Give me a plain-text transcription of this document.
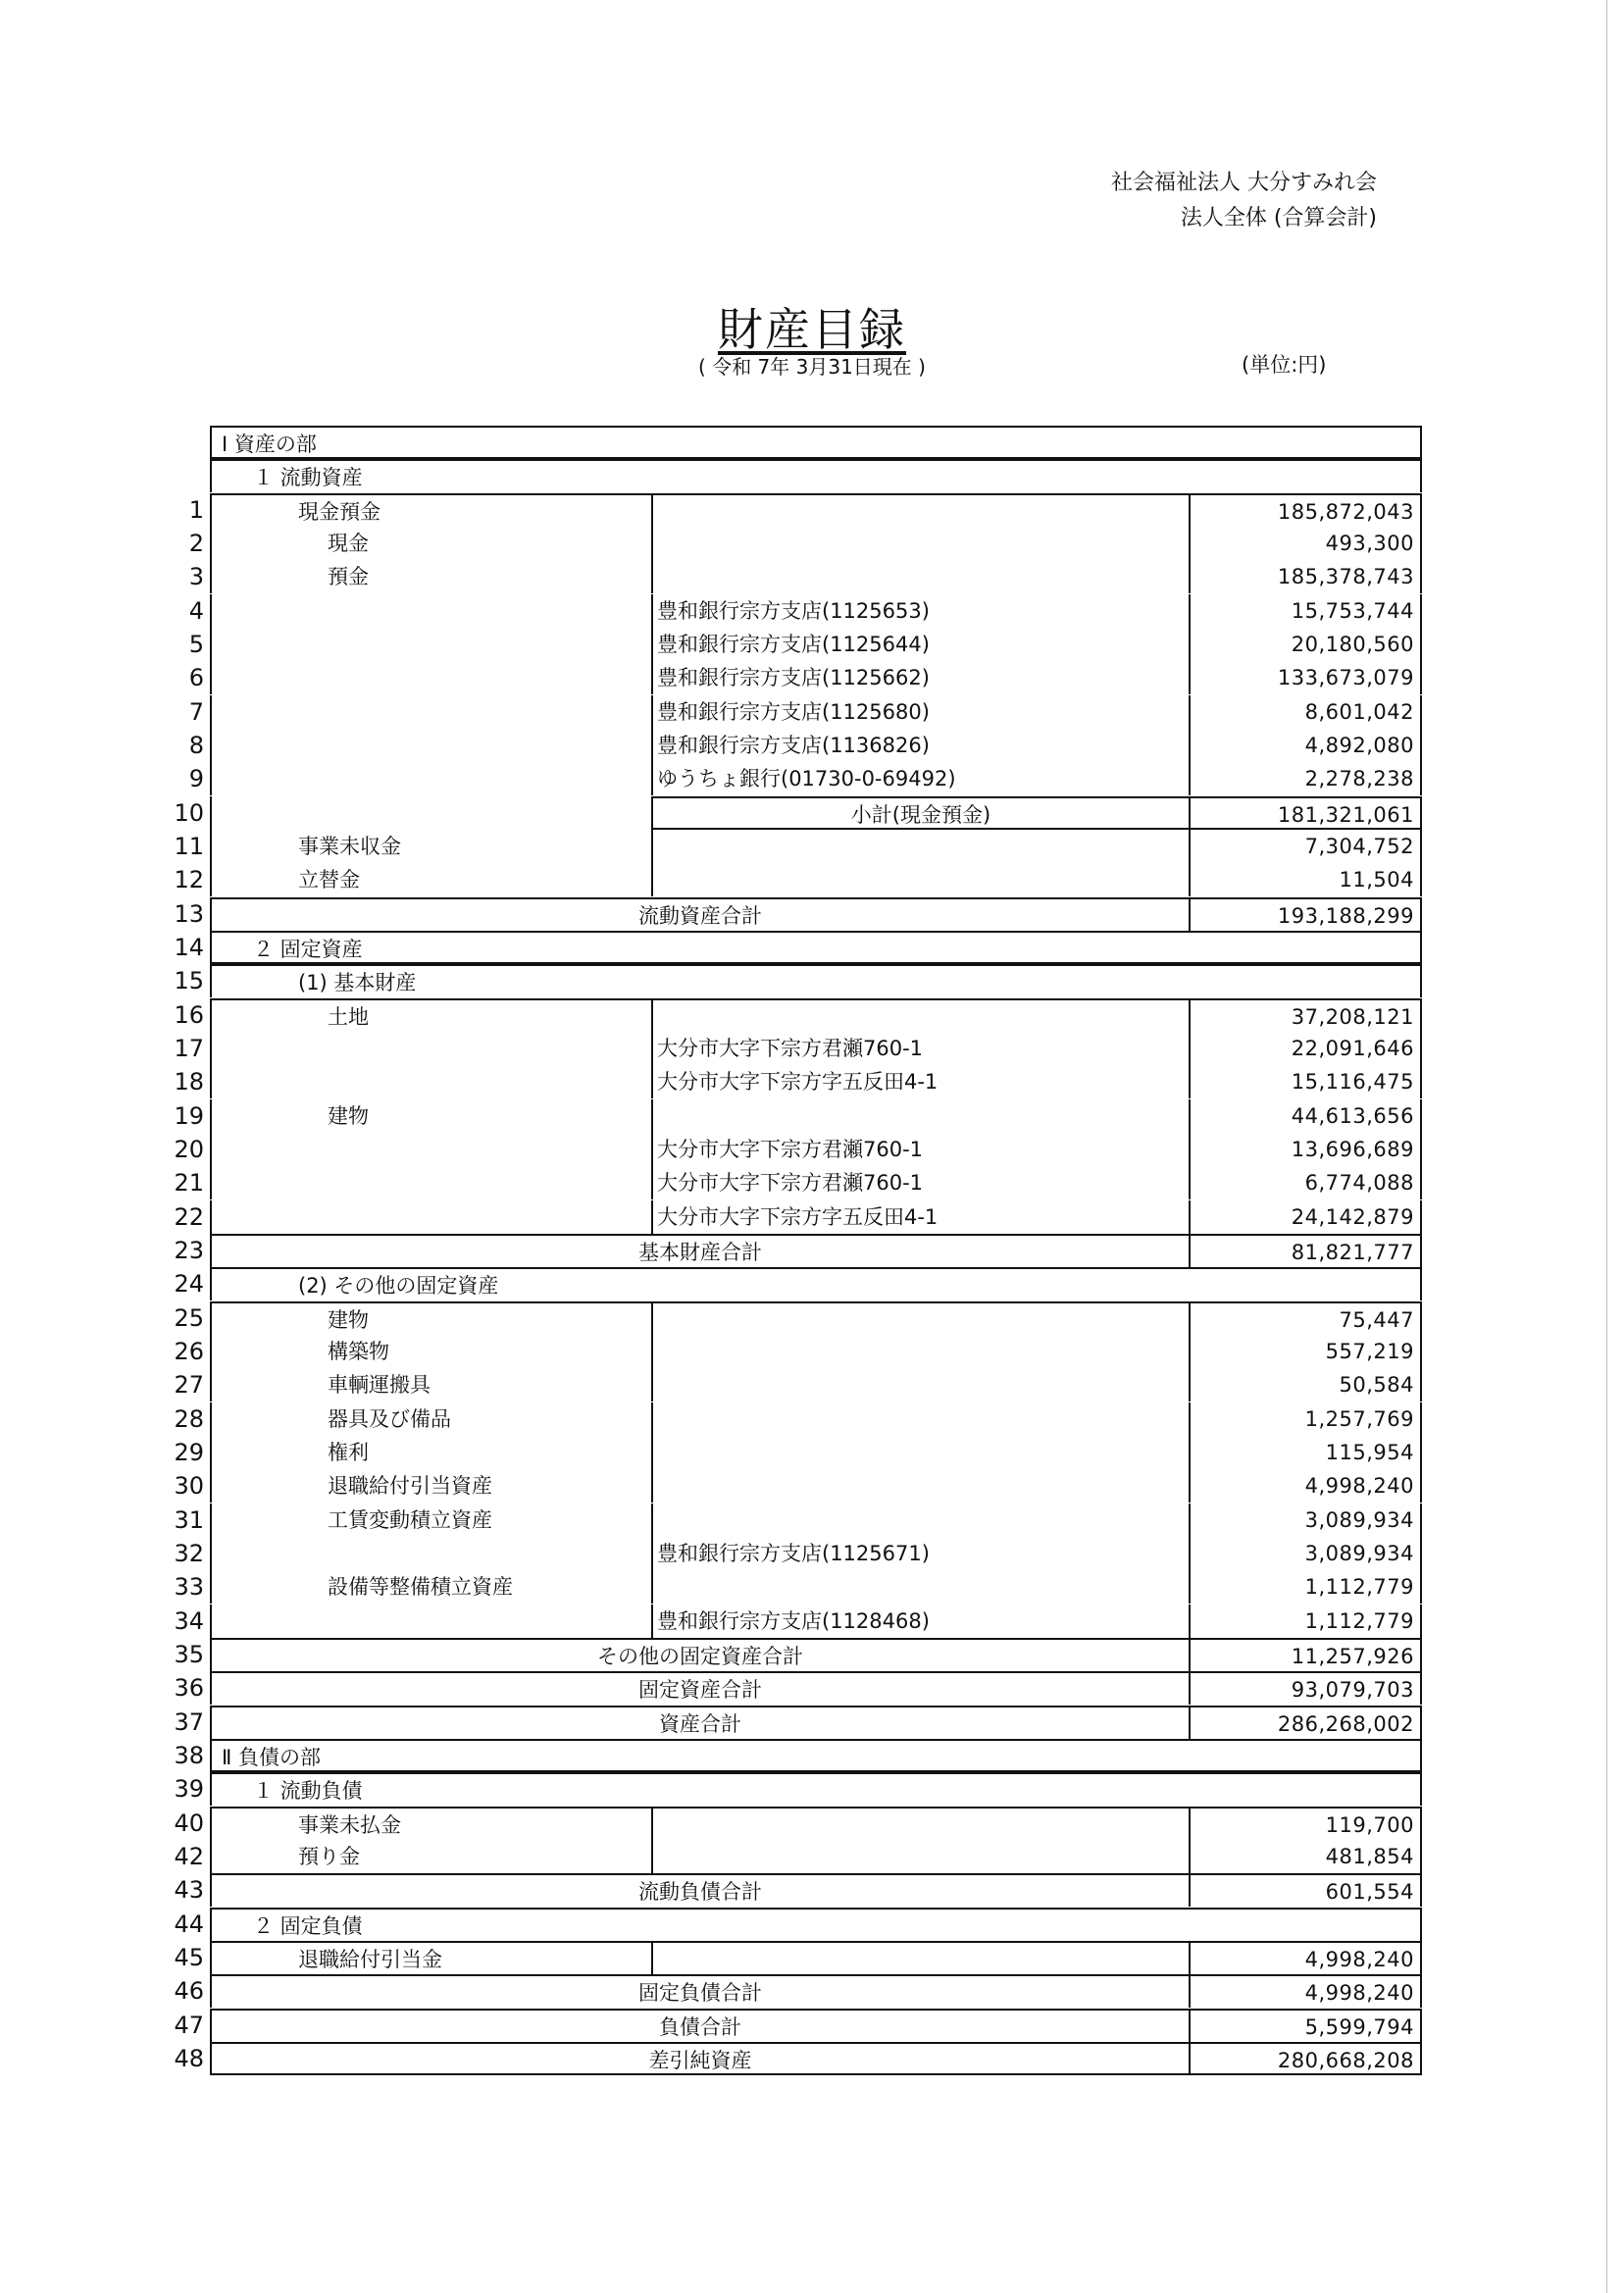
社会福祉法人 大分すみれ会
法人全体 (合算会計)
財産目録
( 令和 7年 3月31日現在 )	(単位:円)
Ⅰ 資産の部
１ 流動資産
1	現金預金	185,872,043
2	現金	493,300
3	預金	185,378,743
4	豊和銀行宗方支店(1125653)	15,753,744
5	豊和銀行宗方支店(1125644)	20,180,560
6	豊和銀行宗方支店(1125662)	133,673,079
7	豊和銀行宗方支店(1125680)	8,601,042
8	豊和銀行宗方支店(1136826)	4,892,080
9	ゆうちょ銀行(01730-0-69492)	2,278,238
10	小計(現金預金)	181,321,061
11	事業未収金	7,304,752
12	立替金	11,504
13	流動資産合計	193,188,299
14 ２ 固定資産
15	(1) 基本財産
16	土地	37,208,121
17	大分市大字下宗方君瀬760-1	22,091,646
18	大分市大字下宗方字五反田4-1	15,116,475
19	建物	44,613,656
20	大分市大字下宗方君瀬760-1	13,696,689
21	大分市大字下宗方君瀬760-1	6,774,088
22	大分市大字下宗方字五反田4-1	24,142,879
23	基本財産合計	81,821,777
24	(2) その他の固定資産
25	建物	75,447
26	構築物	557,219
27	車輌運搬具	50,584
28	器具及び備品	1,257,769
29	権利	115,954
30	退職給付引当資産	4,998,240
31	工賃変動積立資産	3,089,934
32	豊和銀行宗方支店(1125671)	3,089,934
33	設備等整備積立資産	1,112,779
34	豊和銀行宗方支店(1128468)	1,112,779
35	その他の固定資産合計	11,257,926
36	固定資産合計	93,079,703
37	資産合計	286,268,002
38 Ⅱ 負債の部
39 １ 流動負債
40	事業未払金	119,700
42	預り金	481,854
43	流動負債合計	601,554
44 ２ 固定負債
45	退職給付引当金	4,998,240
46	固定負債合計	4,998,240
47	負債合計	5,599,794
48	差引純資産	280,668,208
